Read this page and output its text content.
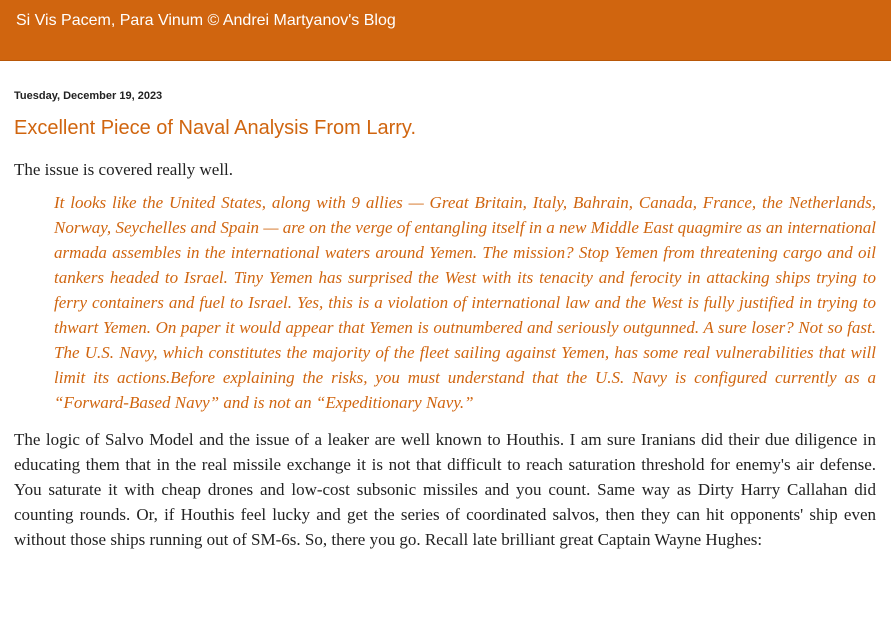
Si Vis Pacem, Para Vinum © Andrei Martyanov's Blog
Tuesday, December 19, 2023
Excellent Piece of Naval Analysis From Larry.

The issue is covered really well.

It looks like the United States, along with 9 allies — Great Britain, Italy, Bahrain, Canada, France, the Netherlands, Norway, Seychelles and Spain — are on the verge of entangling itself in a new Middle East quagmire as an international armada assembles in the international waters around Yemen. The mission? Stop Yemen from threatening cargo and oil tankers headed to Israel. Tiny Yemen has surprised the West with its tenacity and ferocity in attacking ships trying to ferry containers and fuel to Israel. Yes, this is a violation of international law and the West is fully justified in trying to thwart Yemen. On paper it would appear that Yemen is outnumbered and seriously outgunned. A sure loser? Not so fast. The U.S. Navy, which constitutes the majority of the fleet sailing against Yemen, has some real vulnerabilities that will limit its actions.Before explaining the risks, you must understand that the U.S. Navy is configured currently as a “Forward-Based Navy” and is not an “Expeditionary Navy.”

The logic of Salvo Model and the issue of a leaker are well known to Houthis. I am sure Iranians did their due diligence in educating them that in the real missile exchange it is not that difficult to reach saturation threshold for enemy's air defense. You saturate it with cheap drones and low-cost subsonic missiles and you count. Same way as Dirty Harry Callahan did counting rounds. Or, if Houthis feel lucky and get the series of coordinated salvos, then they can hit opponents' ship even without those ships running out of SM-6s. So, there you go. Recall late brilliant great Captain Wayne Hughes:
